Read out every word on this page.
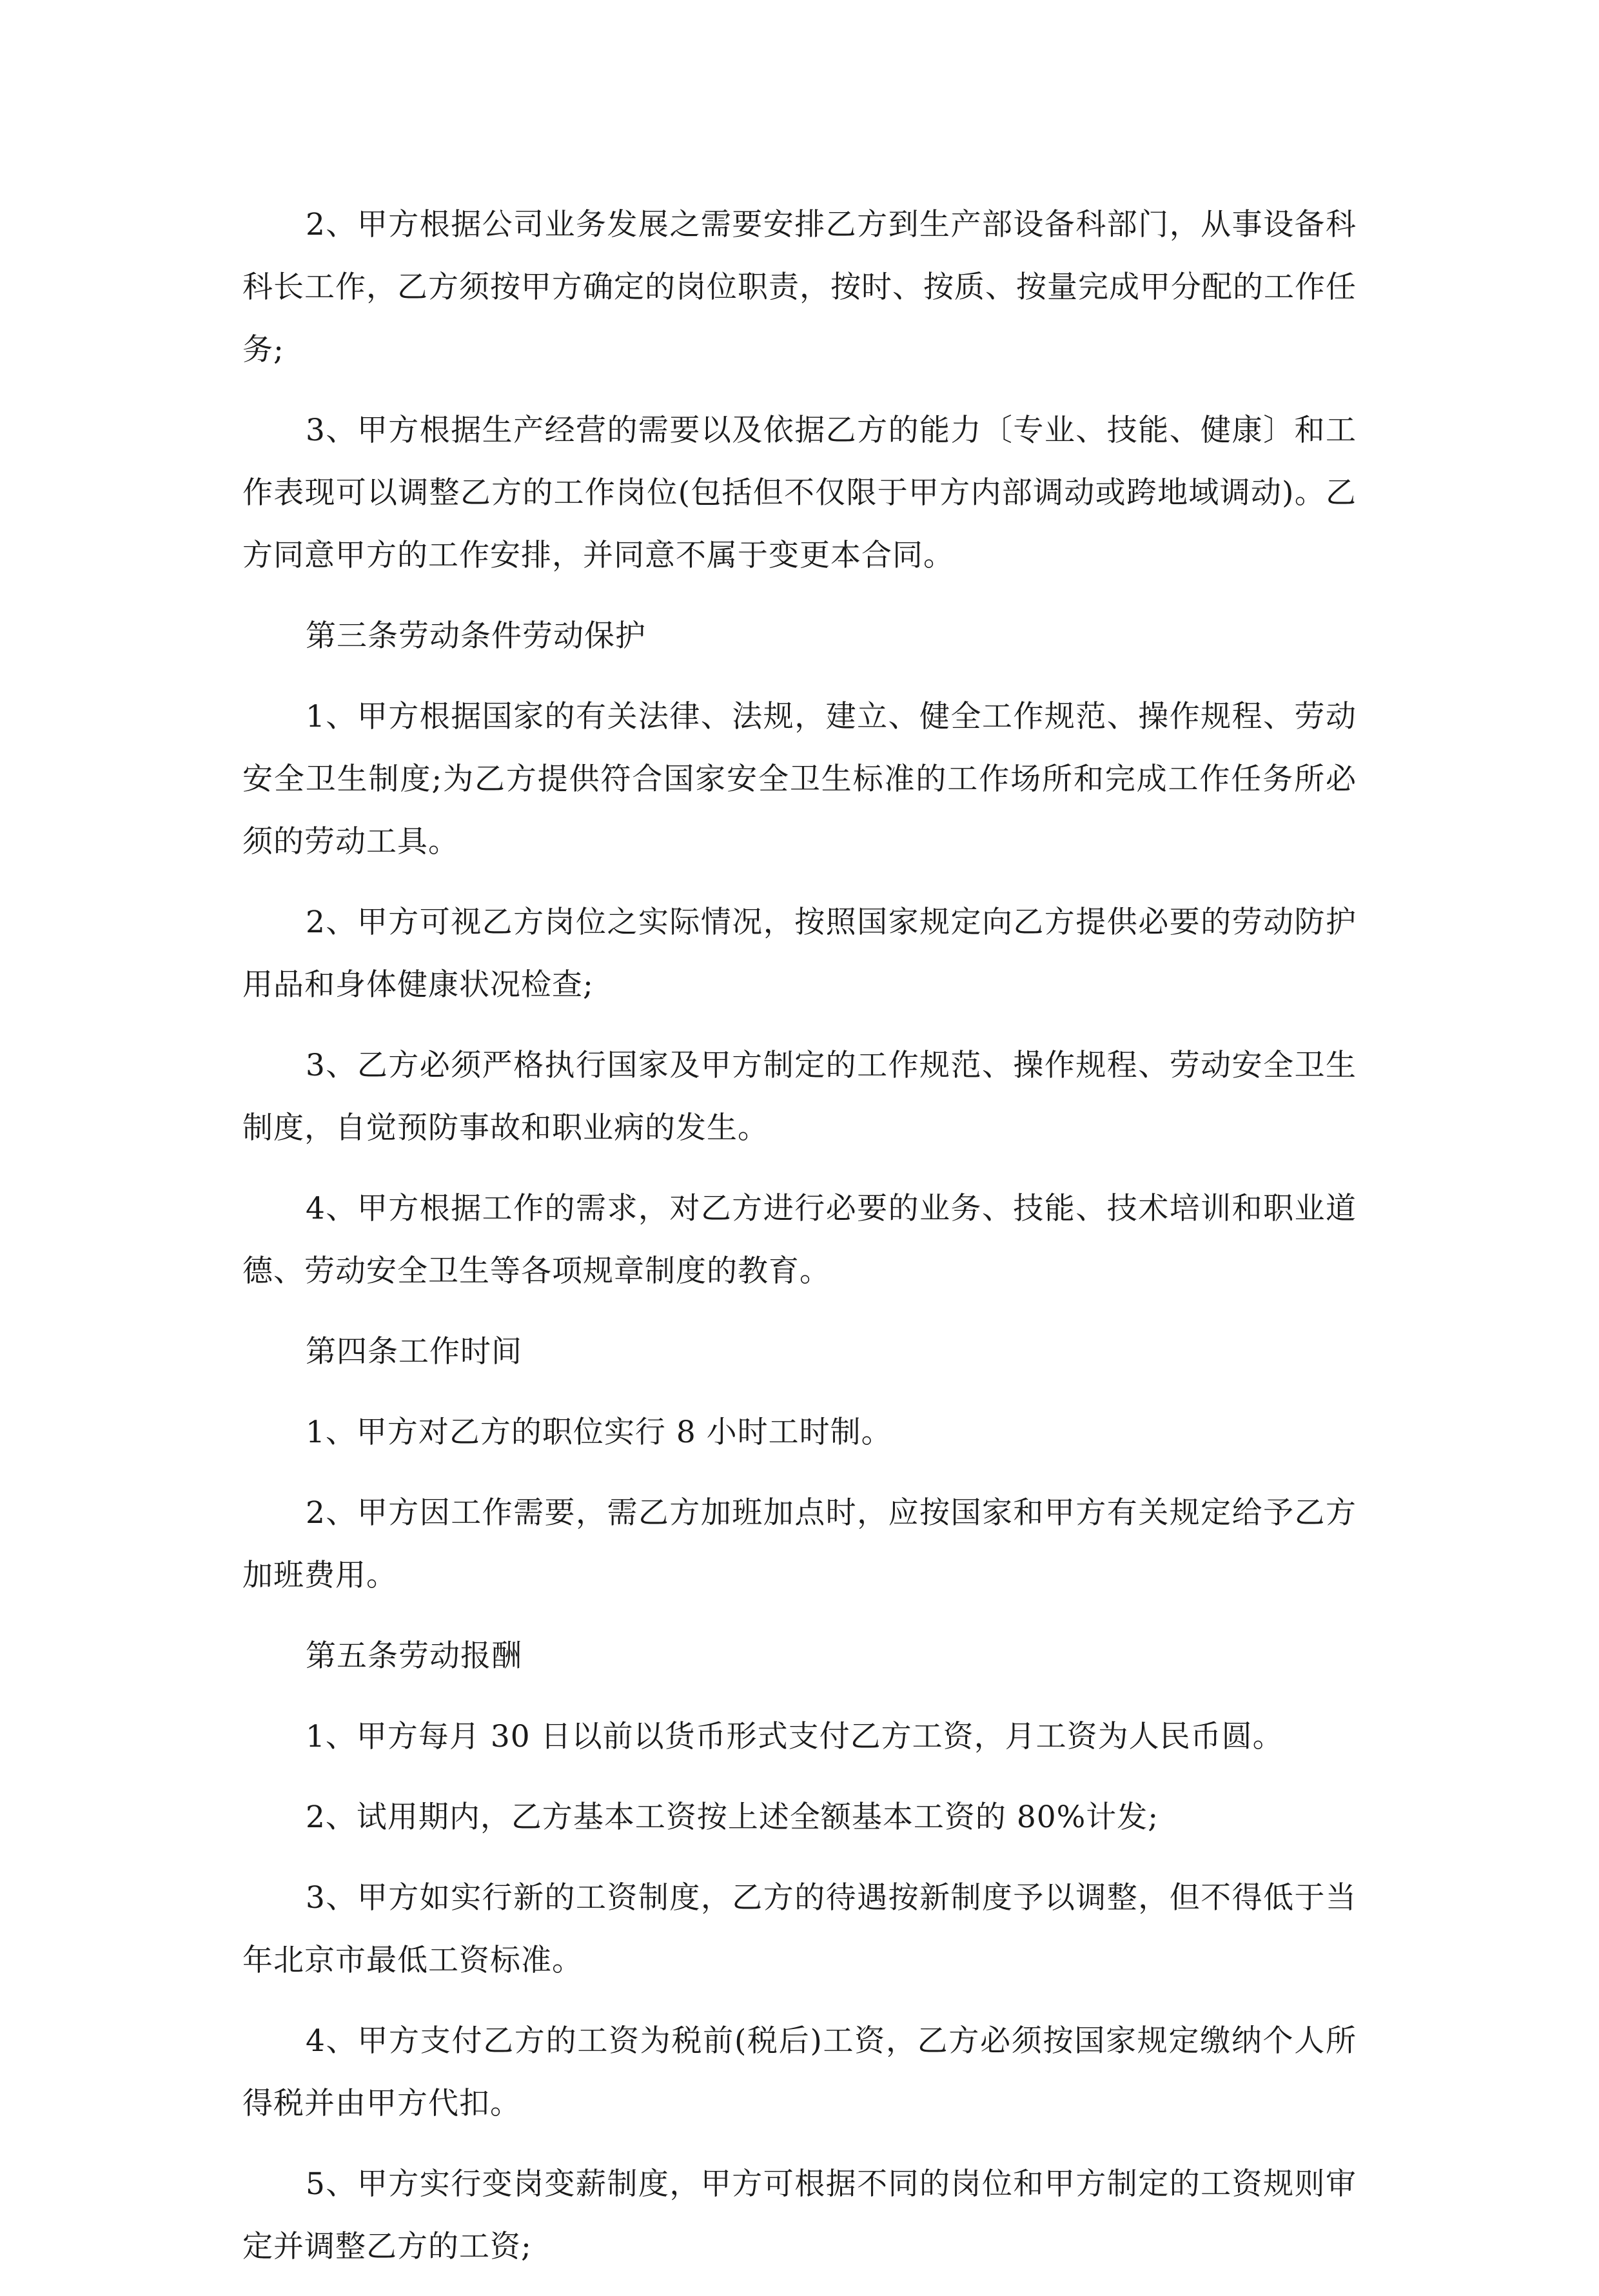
2、甲方根据公司业务发展之需要安排乙方到生产部设备科部门，从事设备科科长工作，乙方须按甲方确定的岗位职责，按时、按质、按量完成甲分配的工作任务;

3、甲方根据生产经营的需要以及依据乙方的能力〔专业、技能、健康〕和工作表现可以调整乙方的工作岗位(包括但不仅限于甲方内部调动或跨地域调动)。乙方同意甲方的工作安排，并同意不属于变更本合同。

第三条劳动条件劳动保护

1、甲方根据国家的有关法律、法规，建立、健全工作规范、操作规程、劳动安全卫生制度;为乙方提供符合国家安全卫生标准的工作场所和完成工作任务所必须的劳动工具。

2、甲方可视乙方岗位之实际情况，按照国家规定向乙方提供必要的劳动防护用品和身体健康状况检查;

3、乙方必须严格执行国家及甲方制定的工作规范、操作规程、劳动安全卫生制度，自觉预防事故和职业病的发生。

4、甲方根据工作的需求，对乙方进行必要的业务、技能、技术培训和职业道德、劳动安全卫生等各项规章制度的教育。

第四条工作时间

1、甲方对乙方的职位实行 8 小时工时制。

2、甲方因工作需要，需乙方加班加点时，应按国家和甲方有关规定给予乙方加班费用。

第五条劳动报酬

1、甲方每月 30 日以前以货币形式支付乙方工资，月工资为人民币圆。

2、试用期内，乙方基本工资按上述全额基本工资的 80%计发;

3、甲方如实行新的工资制度，乙方的待遇按新制度予以调整，但不得低于当年北京市最低工资标准。

4、甲方支付乙方的工资为税前(税后)工资，乙方必须按国家规定缴纳个人所得税并由甲方代扣。

5、甲方实行变岗变薪制度，甲方可根据不同的岗位和甲方制定的工资规则审定并调整乙方的工资;
